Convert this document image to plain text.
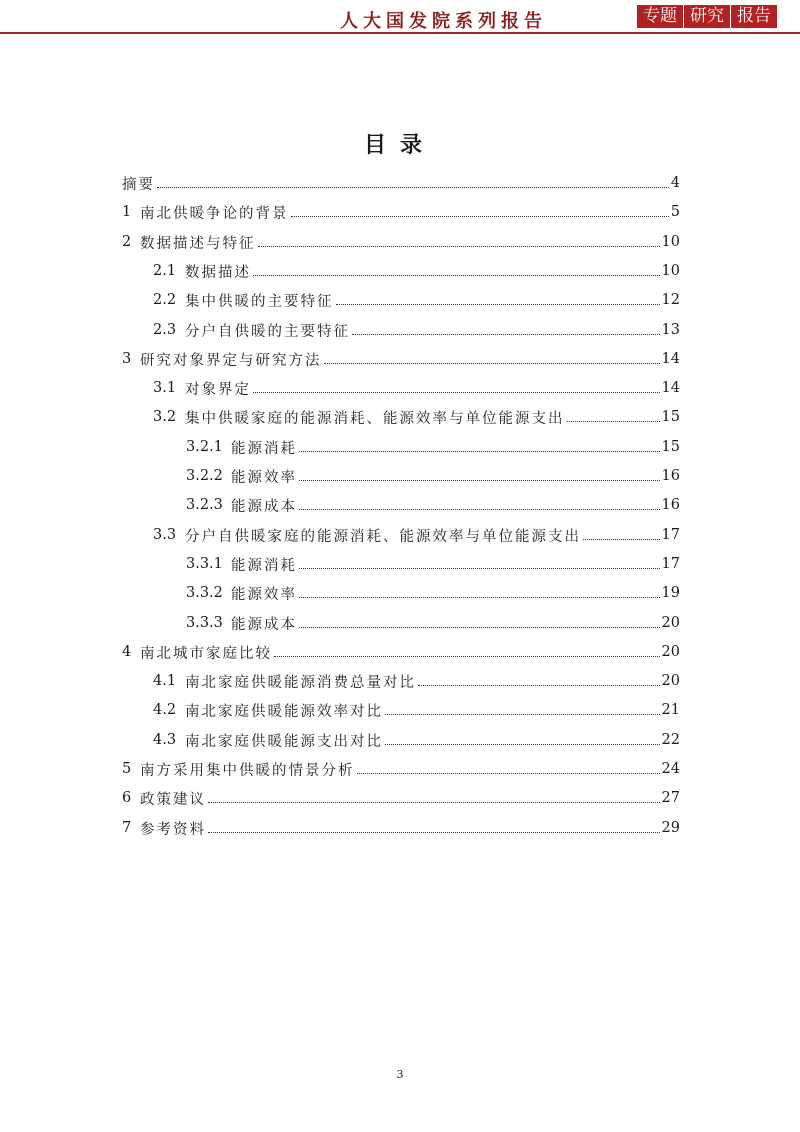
人大国发院系列报告	专题 研究 报告
目录
摘要	4
1 南北供暖争论的背景	5
2 数据描述与特征	10
2.1 数据描述	10
2.2 集中供暖的主要特征	12
2.3 分户自供暖的主要特征	13
3 研究对象界定与研究方法	14
3.1 对象界定	14
3.2 集中供暖家庭的能源消耗、能源效率与单位能源支出	15
3.2.1 能源消耗	15
3.2.2 能源效率	16
3.2.3 能源成本	16
3.3 分户自供暖家庭的能源消耗、能源效率与单位能源支出	17
3.3.1 能源消耗	17
3.3.2 能源效率	19
3.3.3 能源成本	20
4 南北城市家庭比较	20
4.1 南北家庭供暖能源消费总量对比	20
4.2 南北家庭供暖能源效率对比	21
4.3 南北家庭供暖能源支出对比	22
5 南方采用集中供暖的情景分析	24
6 政策建议	27
7 参考资料	29
3
